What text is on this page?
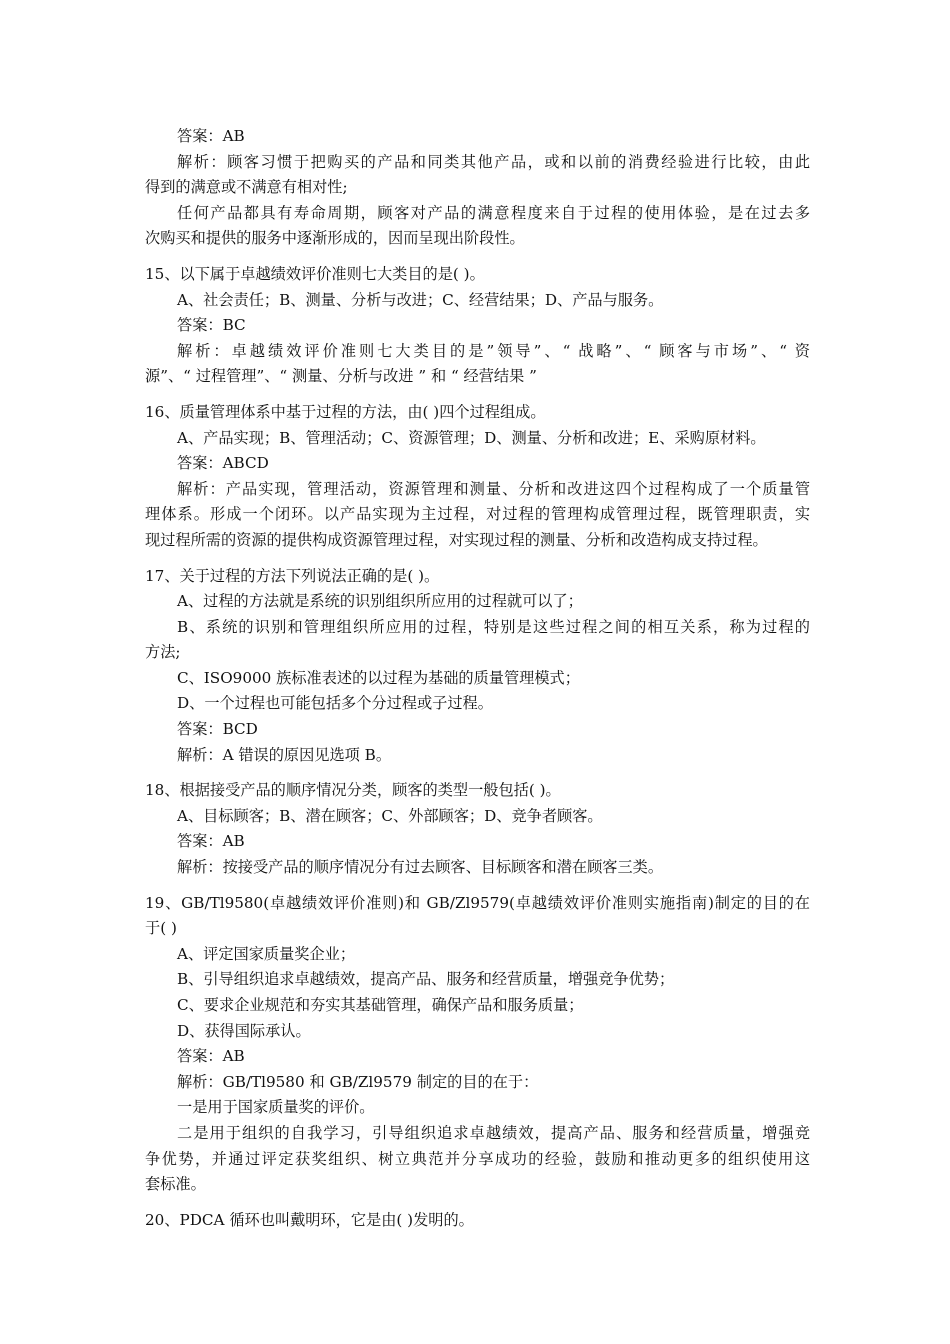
答案：AB
解析：顾客习惯于把购买的产品和同类其他产品，或和以前的消费经验进行比较，由此
得到的满意或不满意有相对性;
任何产品都具有寿命周期，顾客对产品的满意程度来自于过程的使用体验，是在过去多
次购买和提供的服务中逐渐形成的，因而呈现出阶段性。
15、以下属于卓越绩效评价准则七大类目的是( )。
A、社会责任；B、测量、分析与改进；C、经营结果；D、产品与服务。
答案：BC
解析：卓越绩效评价准则七大类目的是”领导”、“ 战略”、“ 顾客与市场”、“ 资
源”、“ 过程管理”、“ 测量、分析与改进 ” 和 “ 经营结果 ”
16、质量管理体系中基于过程的方法，由( )四个过程组成。
A、产品实现；B、管理活动；C、资源管理；D、测量、分析和改进；E、采购原材料。
答案：ABCD
解析：产品实现，管理活动，资源管理和测量、分析和改进这四个过程构成了一个质量管
理体系。形成一个闭环。以产品实现为主过程，对过程的管理构成管理过程，既管理职责，实
现过程所需的资源的提供构成资源管理过程，对实现过程的测量、分析和改造构成支持过程。
17、关于过程的方法下列说法正确的是( )。
A、过程的方法就是系统的识别组织所应用的过程就可以了；
B、系统的识别和管理组织所应用的过程，特别是这些过程之间的相互关系，称为过程的
方法;
C、ISO9000 族标准表述的以过程为基础的质量管理模式；
D、一个过程也可能包括多个分过程或子过程。
答案：BCD
解析：A 错误的原因见选项 B。
18、根据接受产品的顺序情况分类，顾客的类型一般包括( )。
A、目标顾客；B、潜在顾客；C、外部顾客；D、竞争者顾客。
答案：AB
解析：按接受产品的顺序情况分有过去顾客、目标顾客和潜在顾客三类。
19、GB/Tl9580(卓越绩效评价准则)和 GB/Zl9579(卓越绩效评价准则实施指南)制定的目的在
于( )
A、评定国家质量奖企业；
B、引导组织追求卓越绩效，提高产品、服务和经营质量，增强竞争优势；
C、要求企业规范和夯实其基础管理，确保产品和服务质量；
D、获得国际承认。
答案：AB
解析：GB/Tl9580 和 GB/Zl9579 制定的目的在于：
一是用于国家质量奖的评价。
二是用于组织的自我学习，引导组织追求卓越绩效，提高产品、服务和经营质量，增强竞
争优势，并通过评定获奖组织、树立典范并分享成功的经验，鼓励和推动更多的组织使用这
套标准。
20、PDCA 循环也叫戴明环，它是由( )发明的。
